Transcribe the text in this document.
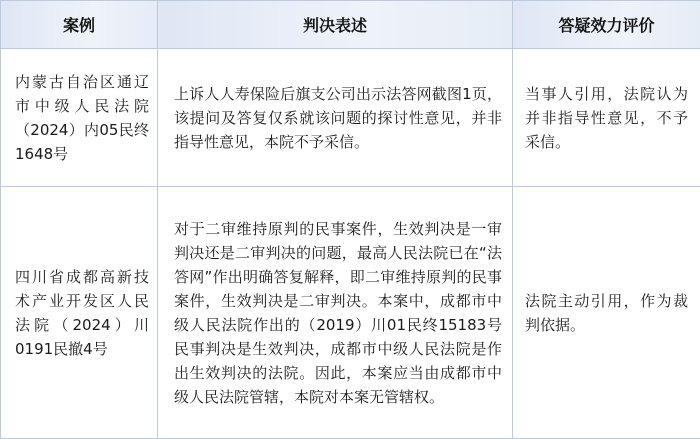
案例	判决表述	答疑效力评价
内蒙古自治区通辽市中级人民法院（2024）内05民终1648号	上诉人人寿保险后旗支公司出示法答网截图1页，该提问及答复仅系就该问题的探讨性意见，并非指导性意见，本院不予采信。	当事人引用，法院认为并非指导性意见，不予采信。
四川省成都高新技术产业开发区人民法院（2024）川0191民撤4号	对于二审维持原判的民事案件，生效判决是一审判决还是二审判决的问题，最高人民法院已在“法答网”作出明确答复解释，即二审维持原判的民事案件，生效判决是二审判决。本案中，成都市中级人民法院作出的（2019）川01民终15183号民事判决是生效判决，成都市中级人民法院是作出生效判决的法院。因此，本案应当由成都市中级人民法院管辖，本院对本案无管辖权。	法院主动引用，作为裁判依据。
